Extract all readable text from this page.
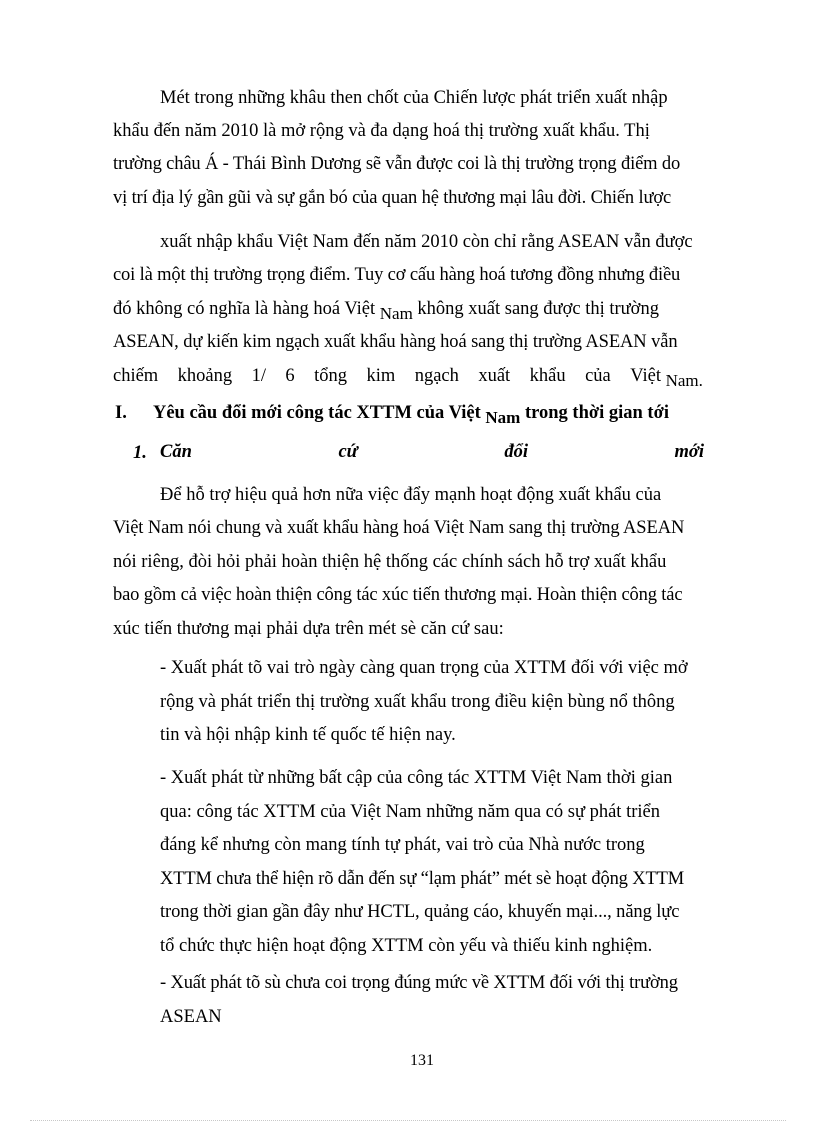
Mét trong những khâu then chốt của Chiến lược phát triển xuất nhập
khẩu đến năm 2010 là mở rộng và đa dạng hoá thị trường xuất khẩu. Thị
trường châu Á - Thái Bình Dương sẽ vẫn được coi là thị trường trọng điểm do
vị trí địa lý gần gũi và sự gắn bó của quan hệ thương mại lâu đời. Chiến lược
xuất nhập khẩu Việt Nam đến năm 2010 còn chỉ rằng ASEAN vẫn được
coi là một thị trường trọng điểm. Tuy cơ cấu hàng hoá tương đồng nhưng điều
đó không có nghĩa là hàng hoá Việt Nam không xuất sang được thị trường
ASEAN, dự kiến kim ngạch xuất khẩu hàng hoá sang thị trường ASEAN vẫn
chiếm khoảng 1/ 6 tổng kim ngạch xuất khẩu của Việt Nam.
I. Yêu cầu đổi mới công tác XTTM của Việt Nam trong thời gian tới
1. Căn	cứ	đổi	mới
Để hỗ trợ hiệu quả hơn nữa việc đẩy mạnh hoạt động xuất khẩu của
Việt Nam nói chung và xuất khẩu hàng hoá Việt Nam sang thị trường ASEAN
nói riêng, đòi hỏi phải hoàn thiện hệ thống các chính sách hỗ trợ xuất khẩu
bao gồm cả việc hoàn thiện công tác xúc tiến thương mại. Hoàn thiện công tác
xúc tiến thương mại phải dựa trên mét sè căn cứ sau:
- Xuất phát tõ vai trò ngày càng quan trọng của XTTM đối với việc mở
rộng và phát triển thị trường xuất khẩu trong điều kiện bùng nổ thông
tin và hội nhập kinh tế quốc tế hiện nay.
- Xuất phát từ những bất cập của công tác XTTM Việt Nam thời gian
qua: công tác XTTM của Việt Nam những năm qua có sự phát triển
đáng kể nhưng còn mang tính tự phát, vai trò của Nhà nước trong
XTTM chưa thể hiện rõ dẫn đến sự “lạm phát” mét sè hoạt động XTTM
trong thời gian gần đây như HCTL, quảng cáo, khuyến mại..., năng lực
tổ chức thực hiện hoạt động XTTM còn yếu và thiếu kinh nghiệm.
- Xuất phát tõ sù chưa coi trọng đúng mức về XTTM đối với thị trường
ASEAN
131
